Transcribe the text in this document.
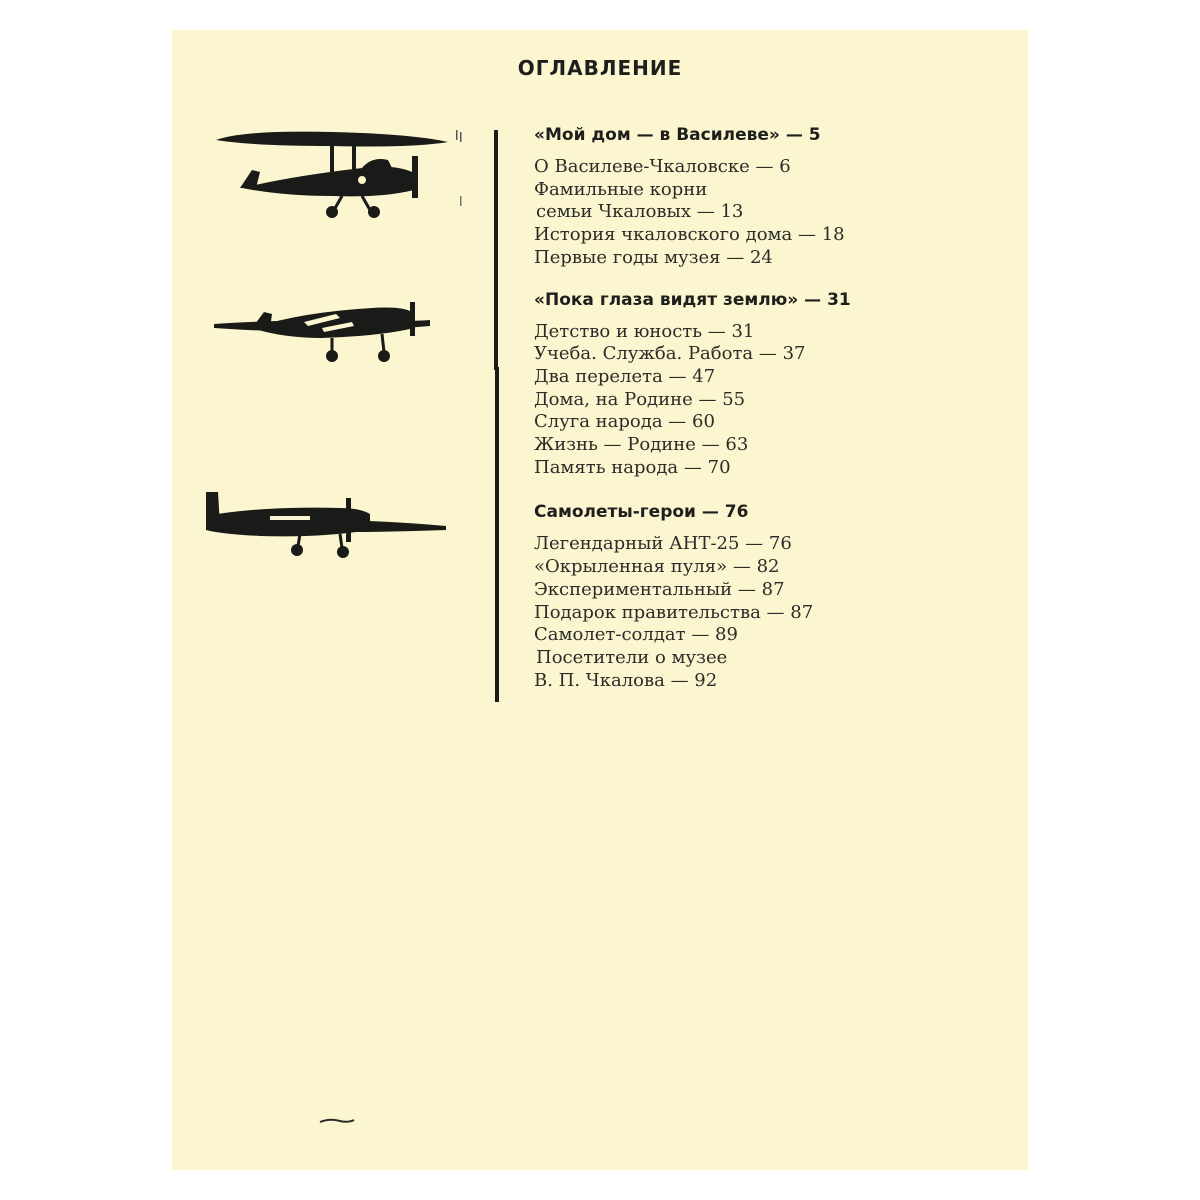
ОГЛАВЛЕНИЕ
«Мой дом — в Василеве» — 5
О Василеве-Чкаловске — 6
Фамильные корни
семьи Чкаловых — 13
История чкаловского дома — 18
Первые годы музея — 24
«Пока глаза видят землю» — 31
Детство и юность — 31
Учеба. Служба. Работа — 37
Два перелета — 47
Дома, на Родине — 55
Слуга народа — 60
Жизнь — Родине — 63
Память народа — 70
Самолеты-герои — 76
Легендарный АНТ-25 — 76
«Окрыленная пуля» — 82
Экспериментальный — 87
Подарок правительства — 87
Самолет-солдат — 89
Посетители о музее
В. П. Чкалова — 92
